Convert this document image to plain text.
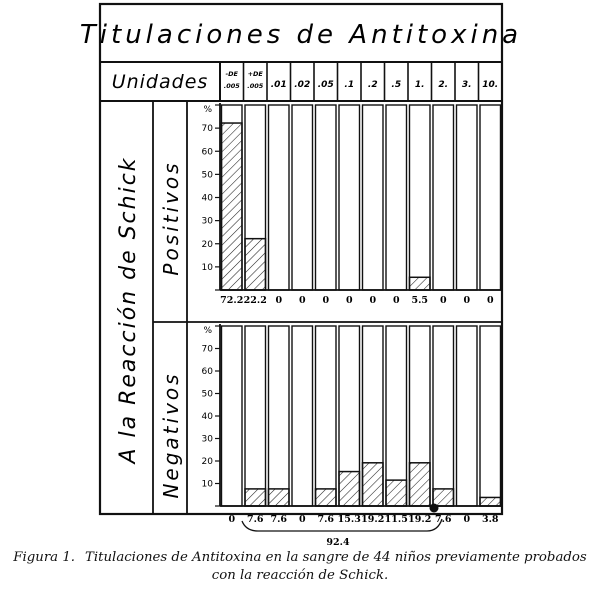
Titulaciones de Antitoxina
Unidades
A la Reacción de Schick Positivos
Negativos
-DE
.005
+DE
.005 .01 .02 .05 .1 .2 .5 1. 2. 3. 10.
10
20
30
40
50
60
70
%
10
20
30
40
50
60
70
%
72.2 22.2 0 0 0 0 0 0 5.5 0 0 0
0 7.6 7.6 0 7.6 15.3 19.2 11.5 19.2 7.6 0 3.8
92.4
Figura 1. Titulaciones de Antitoxina en la sangre de 44 niños previamente probados con la reacción de Schick.
